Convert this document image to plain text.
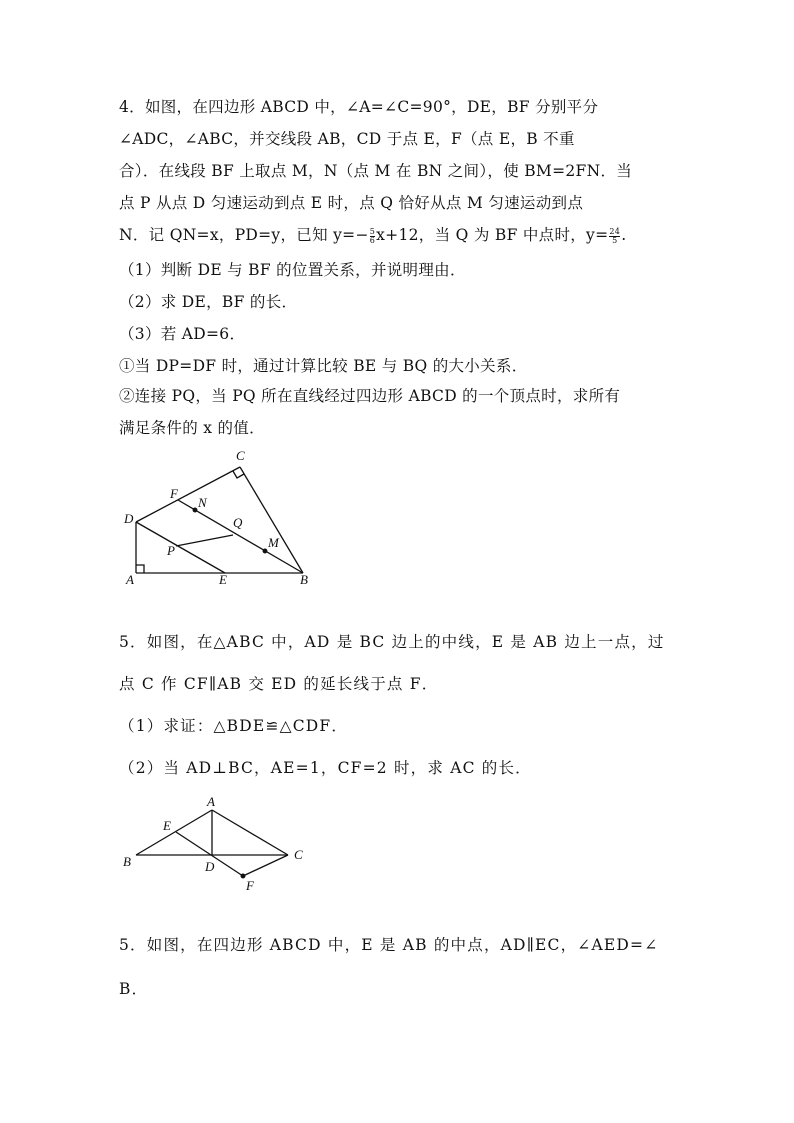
4．如图，在四边形 ABCD 中，∠A=∠C=90°，DE，BF 分别平分
∠ADC，∠ABC，并交线段 AB，CD 于点 E，F（点 E，B 不重
合）．在线段 BF 上取点 M，N（点 M 在 BN 之间），使 BM=2FN．当
点 P 从点 D 匀速运动到点 E 时，点 Q 恰好从点 M 匀速运动到点
N．记 QN=x，PD=y，已知 $y=- \frac{5}{6} x+12$，当 Q 为 BF 中点时，$y= \frac{24}{5}$ .
（1）判断 DE 与 BF 的位置关系，并说明理由．
（2）求 DE，BF 的长．
（3）若 AD=6．
①当 DP=DF 时，通过计算比较 BE 与 BQ 的大小关系．
②连接 PQ，当 PQ 所在直线经过四边形 ABCD 的一个顶点时，求所有
满足条件的 x 的值．
5．如图，在△ABC 中，AD 是 BC 边上的中线，E 是 AB 边上一点，过
点 C 作 CF∥AB 交 ED 的延长线于点 F．
（1）求证：△BDE≌△CDF．
（2）当 AD⊥BC，AE=1，CF=2 时，求 AC 的长．
5．如图，在四边形 ABCD 中，E 是 AB 的中点，AD∥EC，∠AED=∠
B．
C
F
N
D	Q
P
M
A	E	B
A
E
B	D
C
F
